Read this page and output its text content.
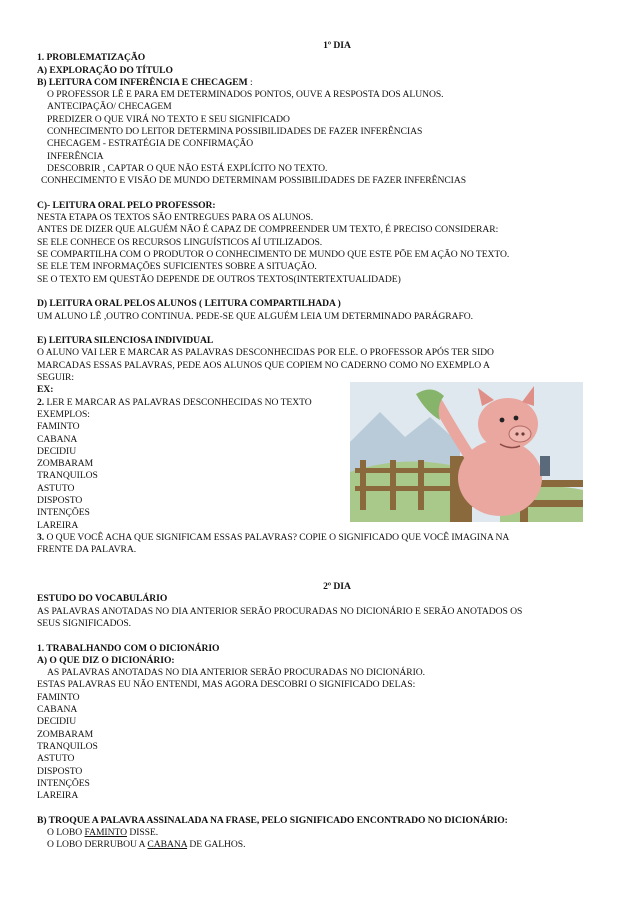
1º DIA
1. PROBLEMATIZAÇÃO
A) EXPLORAÇÃO DO TÍTULO
B) LEITURA COM INFERÊNCIA E CHECAGEM :
O PROFESSOR LÊ E PARA EM DETERMINADOS PONTOS, OUVE A RESPOSTA DOS ALUNOS.
ANTECIPAÇÃO/ CHECAGEM
PREDIZER O QUE VIRÁ NO TEXTO E SEU SIGNIFICADO
CONHECIMENTO DO LEITOR DETERMINA POSSIBILIDADES DE FAZER INFERÊNCIAS
CHECAGEM - ESTRATÉGIA DE CONFIRMAÇÃO
INFERÊNCIA
DESCOBRIR , CAPTAR O QUE NÃO ESTÁ EXPLÍCITO NO TEXTO.
CONHECIMENTO E VISÃO DE MUNDO DETERMINAM POSSIBILIDADES DE FAZER INFERÊNCIAS
C)- LEITURA ORAL PELO PROFESSOR:
NESTA ETAPA OS TEXTOS SÃO ENTREGUES PARA OS ALUNOS.
ANTES DE DIZER QUE ALGUÉM NÃO É CAPAZ DE COMPREENDER UM TEXTO, É PRECISO CONSIDERAR:
SE ELE CONHECE OS RECURSOS LINGUÍSTICOS AÍ UTILIZADOS.
SE COMPARTILHA COM O PRODUTOR O CONHECIMENTO DE MUNDO QUE ESTE PÕE EM AÇÃO NO TEXTO.
SE ELE TEM INFORMAÇÕES SUFICIENTES SOBRE A SITUAÇÃO.
SE O TEXTO EM QUESTÃO DEPENDE DE OUTROS TEXTOS(INTERTEXTUALIDADE)
D) LEITURA ORAL PELOS ALUNOS ( LEITURA COMPARTILHADA )
UM ALUNO LÊ ,OUTRO CONTINUA. PEDE-SE QUE ALGUÉM LEIA UM DETERMINADO PARÁGRAFO.
E) LEITURA SILENCIOSA INDIVIDUAL
O ALUNO VAI LER E MARCAR AS PALAVRAS DESCONHECIDAS POR ELE. O PROFESSOR APÓS TER SIDO
MARCADAS ESSAS PALAVRAS, PEDE AOS ALUNOS QUE COPIEM NO CADERNO COMO NO EXEMPLO A
SEGUIR:
EX:
2. LER E MARCAR AS PALAVRAS DESCONHECIDAS NO TEXTO
EXEMPLOS:
FAMINTO
CABANA
DECIDIU
ZOMBARAM
TRANQUILOS
ASTUTO
DISPOSTO
INTENÇÕES
LAREIRA
3. O QUE VOCÊ ACHA QUE SIGNIFICAM ESSAS PALAVRAS? COPIE O SIGNIFICADO QUE VOCÊ IMAGINA NA
FRENTE DA PALAVRA.
2º DIA
ESTUDO DO VOCABULÁRIO
AS PALAVRAS ANOTADAS NO DIA ANTERIOR SERÃO PROCURADAS NO DICIONÁRIO E SERÃO ANOTADOS OS
SEUS SIGNIFICADOS.
1. TRABALHANDO COM O DICIONÁRIO
A) O QUE DIZ O DICIONÁRIO:
AS PALAVRAS ANOTADAS NO DIA ANTERIOR SERÃO PROCURADAS NO DICIONÁRIO.
ESTAS PALAVRAS EU NÃO ENTENDI, MAS AGORA DESCOBRI O SIGNIFICADO DELAS:
FAMINTO
CABANA
DECIDIU
ZOMBARAM
TRANQUILOS
ASTUTO
DISPOSTO
INTENÇÕES
LAREIRA
B) TROQUE A PALAVRA ASSINALADA NA FRASE, PELO SIGNIFICADO ENCONTRADO NO DICIONÁRIO:
O LOBO FAMINTO DISSE.
O LOBO DERRUBOU A CABANA DE GALHOS.
